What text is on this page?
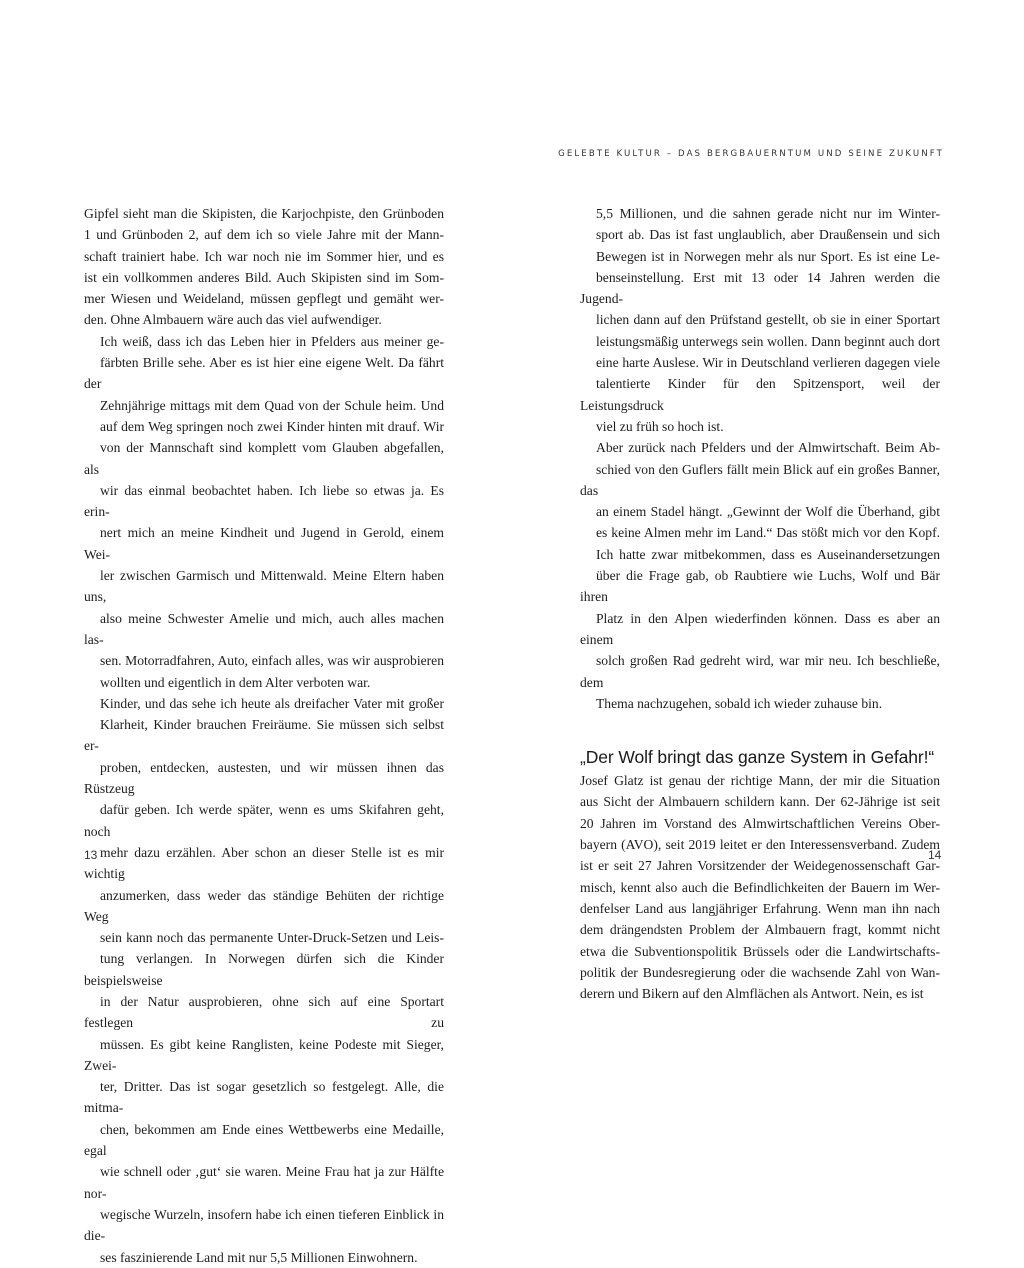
GELEBTE KULTUR – DAS BERGBAUERNTUM UND SEINE ZUKUNFT
Gipfel sieht man die Skipisten, die Karjochpiste, den Grünboden
1 und Grünboden 2, auf dem ich so viele Jahre mit der Mann-
schaft trainiert habe. Ich war noch nie im Sommer hier, und es
ist ein vollkommen anderes Bild. Auch Skipisten sind im Som-
mer Wiesen und Weideland, müssen gepflegt und gemäht wer-
den. Ohne Almbauern wäre auch das viel aufwendiger.
Ich weiß, dass ich das Leben hier in Pfelders aus meiner ge-
färbten Brille sehe. Aber es ist hier eine eigene Welt. Da fährt der
Zehnjährige mittags mit dem Quad von der Schule heim. Und
auf dem Weg springen noch zwei Kinder hinten mit drauf. Wir
von der Mannschaft sind komplett vom Glauben abgefallen, als
wir das einmal beobachtet haben. Ich liebe so etwas ja. Es erin-
nert mich an meine Kindheit und Jugend in Gerold, einem Wei-
ler zwischen Garmisch und Mittenwald. Meine Eltern haben uns,
also meine Schwester Amelie und mich, auch alles machen las-
sen. Motorradfahren, Auto, einfach alles, was wir ausprobieren
wollten und eigentlich in dem Alter verboten war.
Kinder, und das sehe ich heute als dreifacher Vater mit großer
Klarheit, Kinder brauchen Freiräume. Sie müssen sich selbst er-
proben, entdecken, austesten, und wir müssen ihnen das Rüstzeug
dafür geben. Ich werde später, wenn es ums Skifahren geht, noch
mehr dazu erzählen. Aber schon an dieser Stelle ist es mir wichtig
anzumerken, dass weder das ständige Behüten der richtige Weg
sein kann noch das permanente Unter-Druck-Setzen und Leis-
tung verlangen. In Norwegen dürfen sich die Kinder beispielsweise
in der Natur ausprobieren, ohne sich auf eine Sportart festlegen zu
müssen. Es gibt keine Ranglisten, keine Podeste mit Sieger, Zwei-
ter, Dritter. Das ist sogar gesetzlich so festgelegt. Alle, die mitma-
chen, bekommen am Ende eines Wettbewerbs eine Medaille, egal
wie schnell oder ‚gut‘ sie waren. Meine Frau hat ja zur Hälfte nor-
wegische Wurzeln, insofern habe ich einen tieferen Einblick in die-
ses faszinierende Land mit nur 5,5 Millionen Einwohnern.
5,5 Millionen, und die sahnen gerade nicht nur im Winter-
sport ab. Das ist fast unglaublich, aber Draußensein und sich
Bewegen ist in Norwegen mehr als nur Sport. Es ist eine Le-
benseinstellung. Erst mit 13 oder 14 Jahren werden die Jugend-
lichen dann auf den Prüfstand gestellt, ob sie in einer Sportart
leistungsmäßig unterwegs sein wollen. Dann beginnt auch dort
eine harte Auslese. Wir in Deutschland verlieren dagegen viele
talentierte Kinder für den Spitzensport, weil der Leistungsdruck
viel zu früh so hoch ist.
Aber zurück nach Pfelders und der Almwirtschaft. Beim Ab-
schied von den Guflers fällt mein Blick auf ein großes Banner, das
an einem Stadel hängt. „Gewinnt der Wolf die Überhand, gibt
es keine Almen mehr im Land.“ Das stößt mich vor den Kopf.
Ich hatte zwar mitbekommen, dass es Auseinandersetzungen
über die Frage gab, ob Raubtiere wie Luchs, Wolf und Bär ihren
Platz in den Alpen wiederfinden können. Dass es aber an einem
solch großen Rad gedreht wird, war mir neu. Ich beschließe, dem
Thema nachzugehen, sobald ich wieder zuhause bin.
„Der Wolf bringt das ganze System in Gefahr!“
Josef Glatz ist genau der richtige Mann, der mir die Situation
aus Sicht der Almbauern schildern kann. Der 62-Jährige ist seit
20 Jahren im Vorstand des Almwirtschaftlichen Vereins Ober-
bayern (AVO), seit 2019 leitet er den Interessensverband. Zudem
ist er seit 27 Jahren Vorsitzender der Weidegenossenschaft Gar-
misch, kennt also auch die Befindlichkeiten der Bauern im Wer-
denfelser Land aus langjähriger Erfahrung. Wenn man ihn nach
dem drängendsten Problem der Almbauern fragt, kommt nicht
etwa die Subventionspolitik Brüssels oder die Landwirtschafts-
politik der Bundesregierung oder die wachsende Zahl von Wan-
derern und Bikern auf den Almflächen als Antwort. Nein, es ist
13	14
